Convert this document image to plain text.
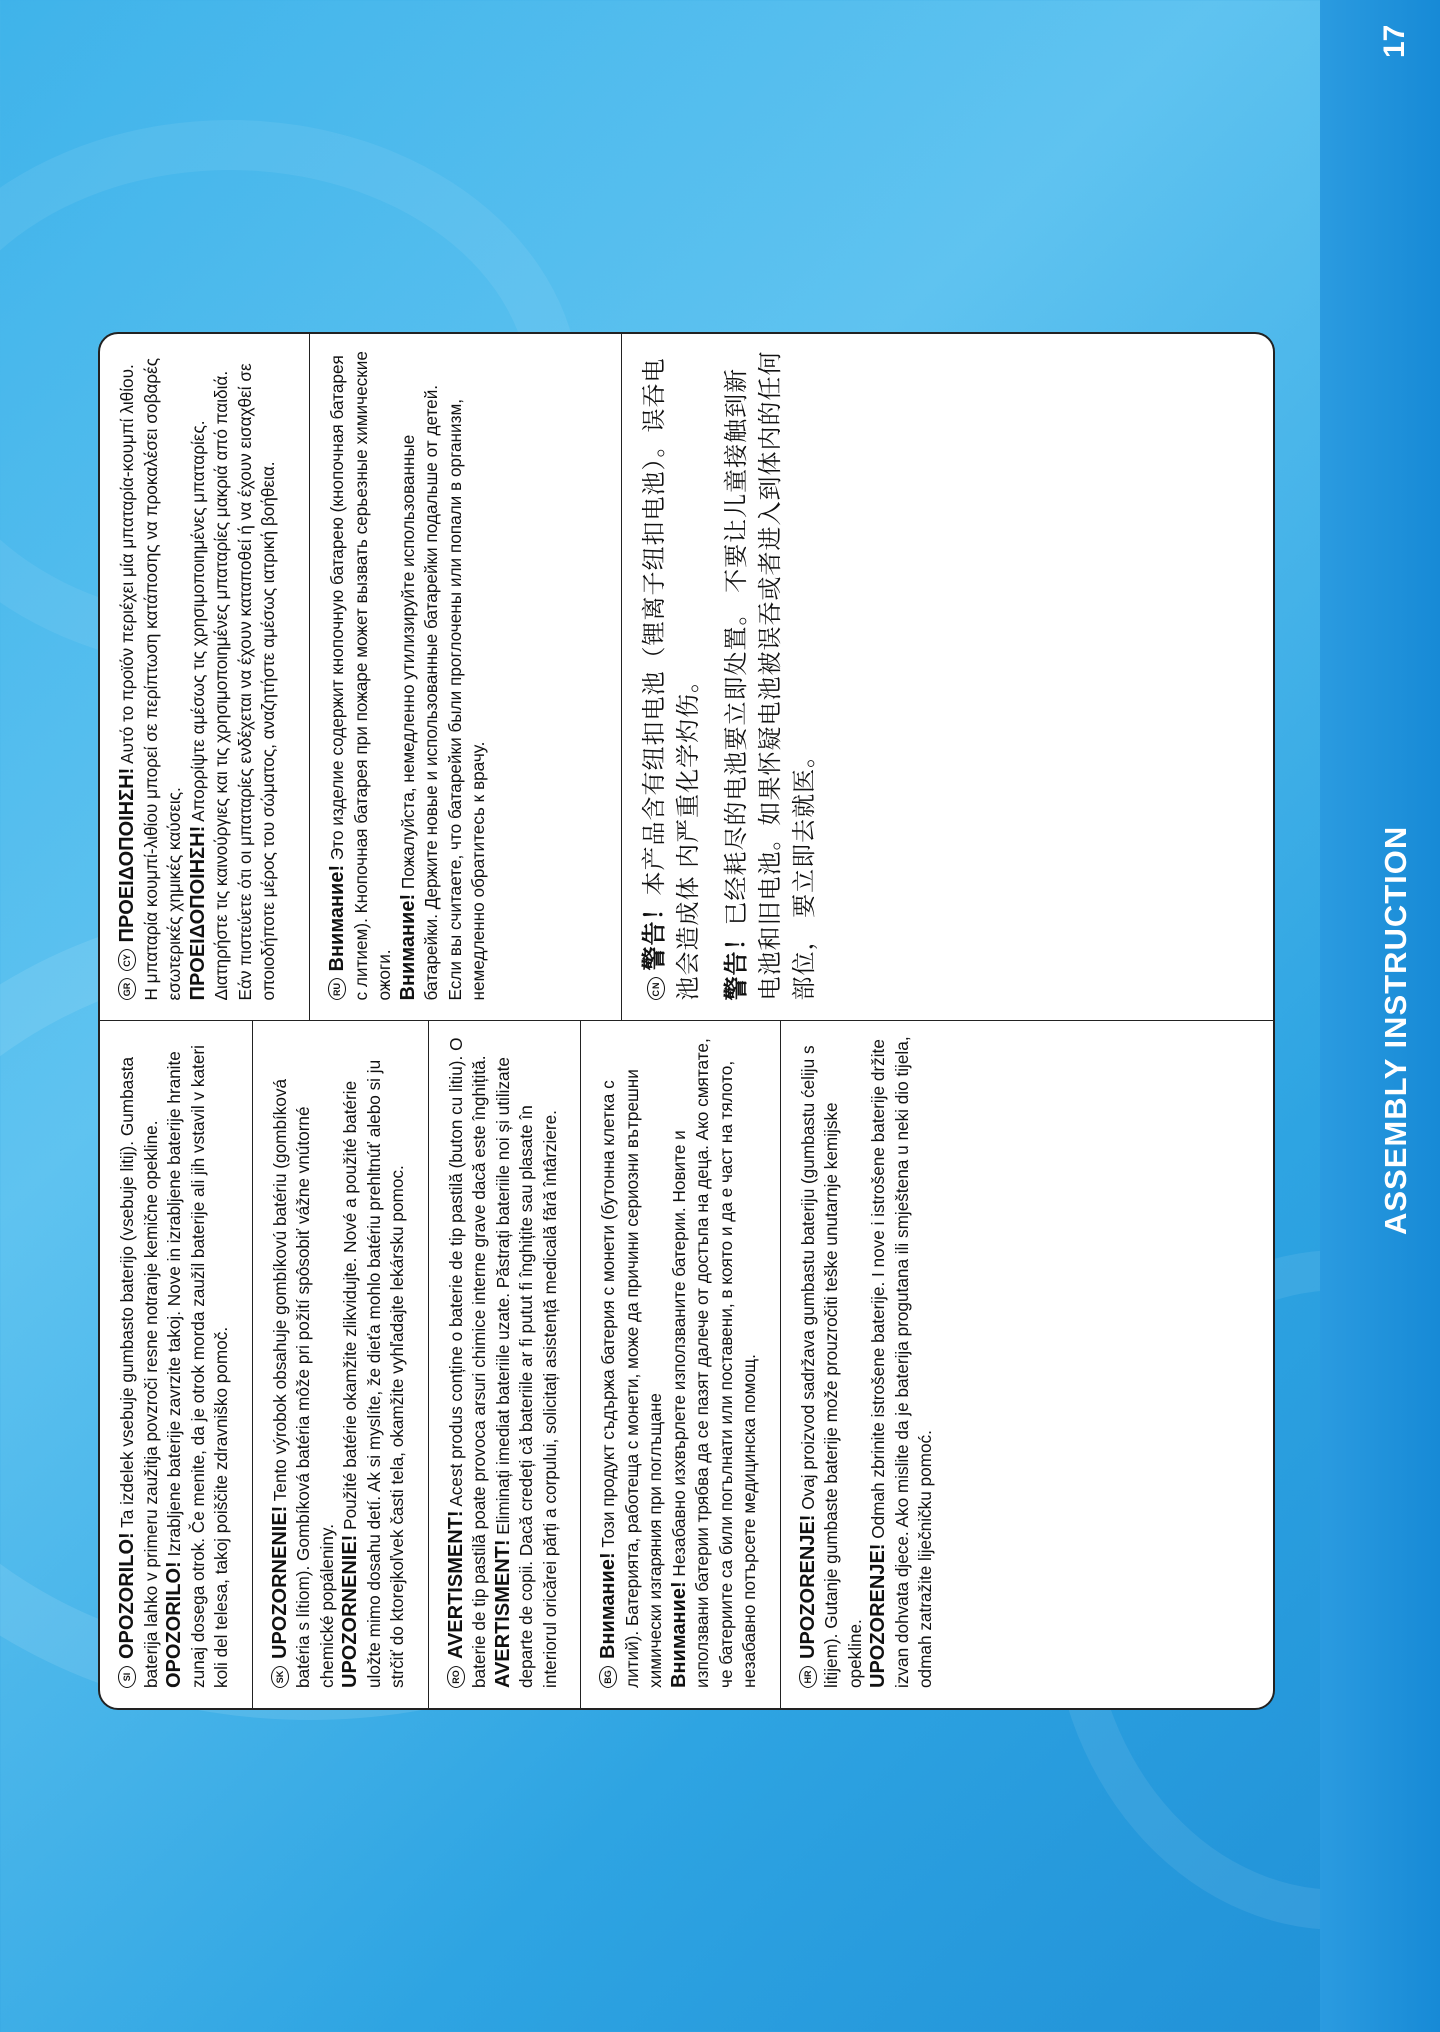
17
ASSEMBLY INSTRUCTION

SIOPOZORILO! Ta izdelek vsebuje gumbasto baterijo (vsebuje litij). Gumbasta baterija lahko v primeru zaužitja povzroči resne notranje kemične opekline. OPOZORILO! Izrabljene baterije zavrzite takoj. Nove in izrabljene baterije hranite zunaj dosega otrok. Če menite, da je otrok morda zaužil baterije ali jih vstavil v kateri koli del telesa, takoj poiščite zdravniško pomoč.	SKUPOZORNENIE! Tento výrobok obsahuje gombíkovú batériu (gombíková batéria s lítiom). Gombíková batéria môže pri požití spôsobiť vážne vnútorné chemické popáleniny. UPOZORNENIE! Použité batérie okamžite zlikvidujte. Nové a použité batérie uložte mimo dosahu detí. Ak si myslíte, že dieťa mohlo batériu prehltnúť alebo si ju strčiť do ktorejkoľvek časti tela, okamžite vyhľadajte lekársku pomoc.	ROAVERTISMENT! Acest produs conține o baterie de tip pastilă (buton cu litiu). O baterie de tip pastilă poate provoca arsuri chimice interne grave dacă este înghițită. AVERTISMENT! Eliminați imediat bateriile uzate. Păstrați bateriile noi și utilizate departe de copii. Dacă credeți că bateriile ar fi putut fi înghițite sau plasate în interiorul oricărei părți a corpului, solicitați asistență medicală fără întârziere.	BGВнимание! Този продукт съдържа батерия с монети (бутонна клетка с литий). Батерията, работеща с монети, може да причини сериозни вътрешни химически изгаряния при поглъщане Внимание! Незабавно изхвърлете използваните батерии. Новите и използвани батерии трябва да се пазят далече от достъпа на деца. Ако смятате, че батериите са били погълнати или поставени, в която и да е част на тялото, незабавно потърсете медицинска помощ.	HRUPOZORENJE! Ovaj proizvod sadržava gumbastu bateriju (gumbastu ćeliju s litijem). Gutanje gumbaste baterije može prouzročiti teške unutarnje kemijske opekline. UPOZORENJE! Odmah zbrinite istrošene baterije. I nove i istrošene baterije držite izvan dohvata djece. Ako mislite da je baterija progutana ili smještena u neki dio tijela, odmah zatražite liječničku pomoć.

GRCYΠΡΟΕΙΔΟΠΟΙΗΣΗ! Αυτό το προϊόν περιέχει μία μπαταρία-κουμπί λιθίου. Η μπαταρία κουμπί-λιθίου μπορεί σε περίπτωση κατάποσης να προκαλέσει σοβαρές εσωτερικές χημικές καύσεις. ΠΡΟΕΙΔΟΠΟΙΗΣΗ! Απορρίψτε αμέσως τις χρησιμοποιημένες μπαταρίες. Διατηρήστε τις καινούργιες και τις χρησιμοποιημένες μπαταρίες μακριά από παιδιά. Εάν πιστεύετε ότι οι μπαταρίες ενδέχεται να έχουν καταποθεί ή να έχουν εισαχθεί σε οποιοδήποτε μέρος του σώματος, αναζητήστε αμέσως ιατρική βοήθεια.	RUВнимание! Это изделие содержит кнопочную батарею (кнопочная батарея с литием). Кнопочная батарея при пожаре может вызвать серьезные химические ожоги. Внимание! Пожалуйста, немедленно утилизируйте использованные батарейки. Держите новые и использованные батарейки подальше от детей. Если вы считаете, что батарейки были проглочены или попали в организм, немедленно обратитесь к врачу.	CN警告！本产品含有纽扣电池（锂离子纽扣电池）。误吞电池会造成体 内严重化学灼伤。 警告！已经耗尽的电池要立即处置。 不要让儿童接触到新电池和旧电池。如果怀疑电池被误吞或者进入到体内的任何部位， 要立即去就医。
